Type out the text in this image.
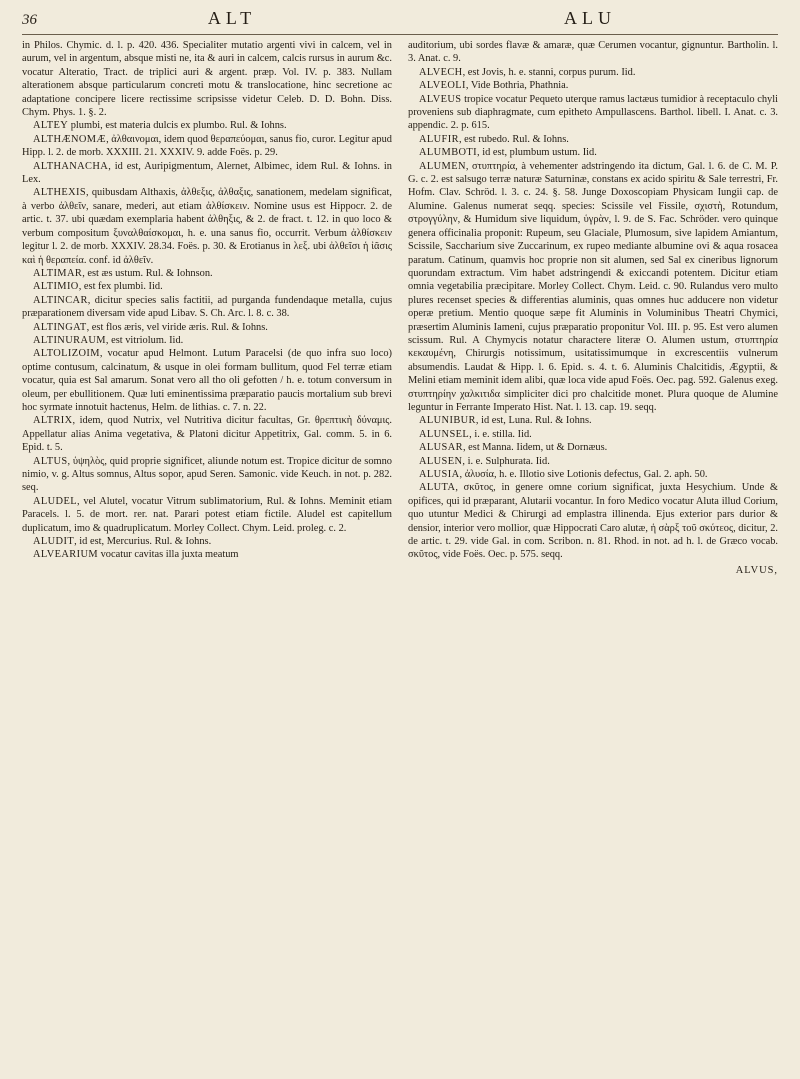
36	ALT	ALU

in Philos. Chymic. d. l. p. 420. 436. Specialiter mutatio argenti vivi in calcem, vel in aurum, vel in argentum, absque misti ne, ita & auri in calcem, calcis rursus in aurum &c. vocatur Alteratio, Tract. de triplici auri & argent. præp. Vol. IV. p. 383. Nullam alterationem absque particularum concreti motu & translocatione, hinc secretione ac adaptatione concipere licere rectissime scripsisse videtur Celeb. D. D. Bohn. Diss. Chym. Phys. 1. §. 2.

ALTEY plumbi, est materia dulcis ex plumbo. Rul. & Iohns.

ALTHÆNOMÆ, ἀλθαινομαι, idem quod θεραπεύομαι, sanus fio, curor. Legitur apud Hipp. l. 2. de morb. XXXIII. 21. XXXIV. 9. adde Foës. p. 29.

ALTHANACHA, id est, Auripigmentum, Alernet, Albimec, idem Rul. & Iohns. in Lex.

ALTHEXIS, quibusdam Althaxis, ἀλθεξις, ἀλθαξις, sanationem, medelam significat, à verbo ἀλθεῖν, sanare, mederi, aut etiam ἀλθίσκειν. Nomine usus est Hippocr. 2. de artic. t. 37. ubi quædam exemplaria habent ἀλθηξις, & 2. de fract. t. 12. in quo loco & verbum compositum ξυναλθαίσκομαι, h. e. una sanus fio, occurrit. Verbum ἀλθίσκειν legitur l. 2. de morb. XXXIV. 28.34. Foës. p. 30. & Erotianus in λεξ. ubi ἀλθεῖσι ἡ ἰᾶσις καὶ ἡ θεραπεία. conf. id ἀλθεῖν.

ALTIMAR, est æs ustum. Rul. & Iohnson.

ALTIMIO, est fex plumbi. Iid.

ALTINCAR, dicitur species salis factitii, ad purganda fundendaque metalla, cujus præparationem diversam vide apud Libav. S. Ch. Arc. l. 8. c. 38.

ALTINGAT, est flos æris, vel viride æris. Rul. & Iohns.

ALTINURAUM, est vitriolum. Iid.

ALTOLIZOIM, vocatur apud Helmont. Lutum Paracelsi (de quo infra suo loco) optime contusum, calcinatum, & usque in olei formam bullitum, quod Fel terræ etiam vocatur, quia est Sal amarum. Sonat vero all tho oli gefotten / h. e. totum conversum in oleum, per ebullitionem. Quæ luti eminentissima præparatio paucis mortalium sub brevi hoc syrmate innotuit hactenus, Helm. de lithias. c. 7. n. 22.

ALTRIX, idem, quod Nutrix, vel Nutritiva dicitur facultas, Gr. θρεπτικὴ δύναμις. Appellatur alias Anima vegetativa, & Platoni dicitur Appetitrix, Gal. comm. 5. in 6. Epid. t. 5.

ALTUS, ὑψηλὸς, quid proprie significet, aliunde notum est. Tropice dicitur de somno nimio, v. g. Altus somnus, Altus sopor, apud Seren. Samonic. vide Keuch. in not. p. 282. seq.

ALUDEL, vel Alutel, vocatur Vitrum sublimatorium, Rul. & Iohns. Meminit etiam Paracels. l. 5. de mort. rer. nat. Parari potest etiam fictile. Aludel est capitellum duplicatum, imo & quadruplicatum. Morley Collect. Chym. Leid. proleg. c. 2.

ALUDIT, id est, Mercurius. Rul. & Iohns.

ALVEARIUM vocatur cavitas illa juxta meatum

auditorium, ubi sordes flavæ & amaræ, quæ Cerumen vocantur, gignuntur. Bartholin. l. 3. Anat. c. 9.

ALVECH, est Jovis, h. e. stanni, corpus purum. Iid.

ALVEOLI, Vide Bothria, Phathnia.

ALVEUS tropice vocatur Pequeto uterque ramus lactæus tumidior à receptaculo chyli proveniens sub diaphragmate, cum epitheto Ampullascens. Barthol. libell. I. Anat. c. 3. appendic. 2. p. 615.

ALUFIR, est rubedo. Rul. & Iohns.

ALUMBOTI, id est, plumbum ustum. Iid.

ALUMEN, στυπτηρία, à vehementer adstringendo ita dictum, Gal. l. 6. de C. M. P. G. c. 2. est salsugo terræ naturæ Saturninæ, constans ex acido spiritu & Sale terrestri, Fr. Hofm. Clav. Schröd. l. 3. c. 24. §. 58. Junge Doxoscopiam Physicam Iungii cap. de Alumine. Galenus numerat seqq. species: Scissile vel Fissile, σχιστὴ, Rotundum, στρογγύλην, & Humidum sive liquidum, ὑγρὰν, l. 9. de S. Fac. Schröder. vero quinque genera officinalia proponit: Rupeum, seu Glaciale, Plumosum, sive lapidem Amiantum, Scissile, Saccharium sive Zuccarinum, ex rupeo mediante albumine ovi & aqua rosacea paratum. Catinum, quamvis hoc proprie non sit alumen, sed Sal ex cineribus lignorum quorundam extractum. Vim habet adstringendi & exiccandi potentem. Dicitur etiam omnia vegetabilia præcipitare. Morley Collect. Chym. Leid. c. 90. Rulandus vero multo plures recenset species & differentias aluminis, quas omnes huc adducere non videtur operæ pretium. Mentio quoque sæpe fit Aluminis in Voluminibus Theatri Chymici, præsertim Aluminis Iameni, cujus præparatio proponitur Vol. III. p. 95. Est vero alumen scissum. Rul. A Chymycis notatur charactere literæ O. Alumen ustum, στυπτηρία κεκαυμένη, Chirurgis notissimum, usitatissimumque in excrescentiis vulnerum absumendis. Laudat & Hipp. l. 6. Epid. s. 4. t. 6. Aluminis Chalcitidis, Ægyptii, & Melini etiam meminit idem alibi, quæ loca vide apud Foës. Oec. pag. 592. Galenus exeg. στυπτηρίην χαλκιτιδα simpliciter dici pro chalcitide monet. Plura quoque de Alumine leguntur in Ferrante Imperato Hist. Nat. l. 13. cap. 19. seqq.

ALUNIBUR, id est, Luna. Rul. & Iohns.

ALUNSEL, i. e. stilla. Iid.

ALUSAR, est Manna. Iidem, ut & Dornæus.

ALUSEN, i. e. Sulphurata. Iid.

ALUSIA, ἀλυσία, h. e. Illotio sive Lotionis defectus, Gal. 2. aph. 50.

ALUTA, σκῦτος, in genere omne corium significat, juxta Hesychium. Unde & opifices, qui id præparant, Alutarii vocantur. In foro Medico vocatur Aluta illud Corium, quo utuntur Medici & Chirurgi ad emplastra illinenda. Ejus exterior pars durior & densior, interior vero mollior, quæ Hippocrati Caro alutæ, ἡ σὰρξ τοῦ σκύτεος, dicitur, 2. de artic. t. 29. vide Gal. in com. Scribon. n. 81. Rhod. in not. ad h. l. de Græco vocab. σκῦτος, vide Foës. Oec. p. 575. seqq.

ALVUS,
